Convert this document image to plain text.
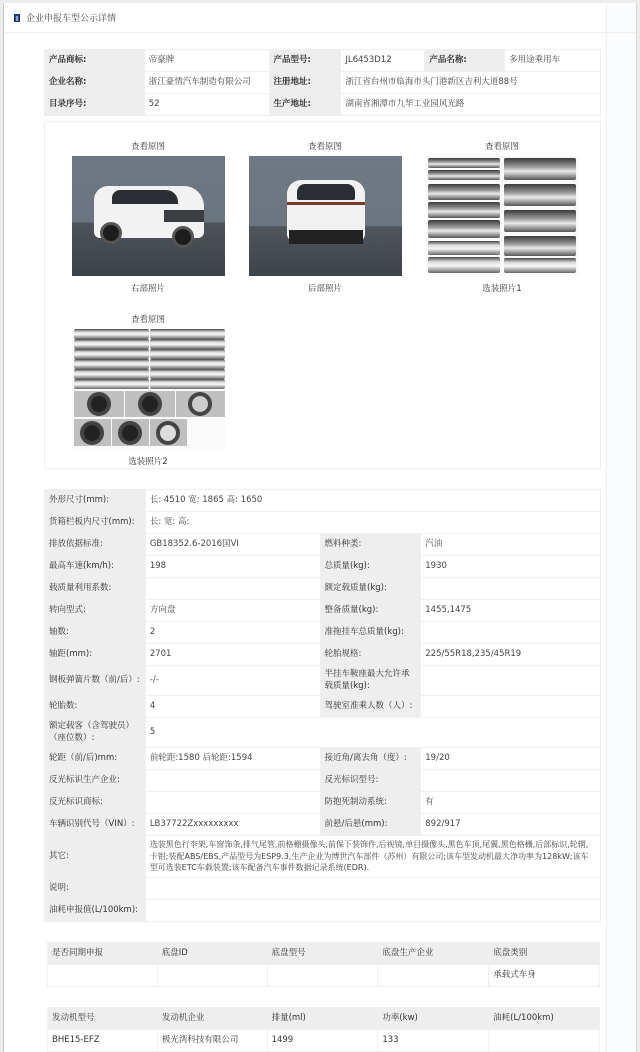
企业申报车型公示详情
产品商标:	帝豪牌	产品型号:	JL6453D12	产品名称:	多用途乘用车
企业名称:	浙江豪情汽车制造有限公司	注册地址:	浙江省台州市临海市头门港新区吉利大道88号		
目录序号:	52	生产地址:	湖南省湘潭市九华工业园风光路		
查看原图
右部照片
查看原图
后部照片
查看原图
选装照片1
查看原图
选装照片2
外形尺寸(mm):	长: 4510 宽: 1865 高: 1650		
货箱栏板内尺寸(mm):	长: 宽: 高:		
排放依据标准:	GB18352.6-2016国VI	燃料种类:	汽油
最高车速(km/h):	198	总质量(kg):	1930
载质量利用系数:		额定载质量(kg):	
转向型式:	方向盘	整备质量(kg):	1455,1475
轴数:	2	准拖挂车总质量(kg):	
轴距(mm):	2701	轮胎规格:	225/55R18,235/45R19
钢板弹簧片数（前/后）:	-/-	半挂车鞍座最大允许承载质量(kg):	
轮胎数:	4	驾驶室准乘人数（人）:	
额定载客（含驾驶员）（座位数）:	5		
轮距（前/后)mm:	前轮距:1580 后轮距:1594	接近角/离去角（度）:	19/20
反光标识生产企业:		反光标识型号:	
反光标识商标:		防抱死制动系统:	有
车辆识别代号（VIN）:	LB37722Zxxxxxxxxx	前悬/后悬(mm):	892/917
其它:	选装黑色行李架,车窗饰条,排气尾管,前格栅摄像头,前保下装饰件,后视镜,单目摄像头,黑色车顶,尾翼,黑色格栅,后部标识,轮辋,卡钳;装配ABS/EBS,产品型号为ESP9.3,生产企业为博世汽车部件（苏州）有限公司;该车型发动机最大净功率为128kW;该车型可选装ETC车载装置;该车配备汽车事件数据记录系统(EDR).		
说明:			
油耗申报值(L/100km):			
是否同期申报	底盘ID	底盘型号	底盘生产企业	底盘类别
				承载式车身
发动机型号	发动机企业	排量(ml)	功率(kw)	油耗(L/100km)
BHE15-EFZ	极光湾科技有限公司	1499	133	
